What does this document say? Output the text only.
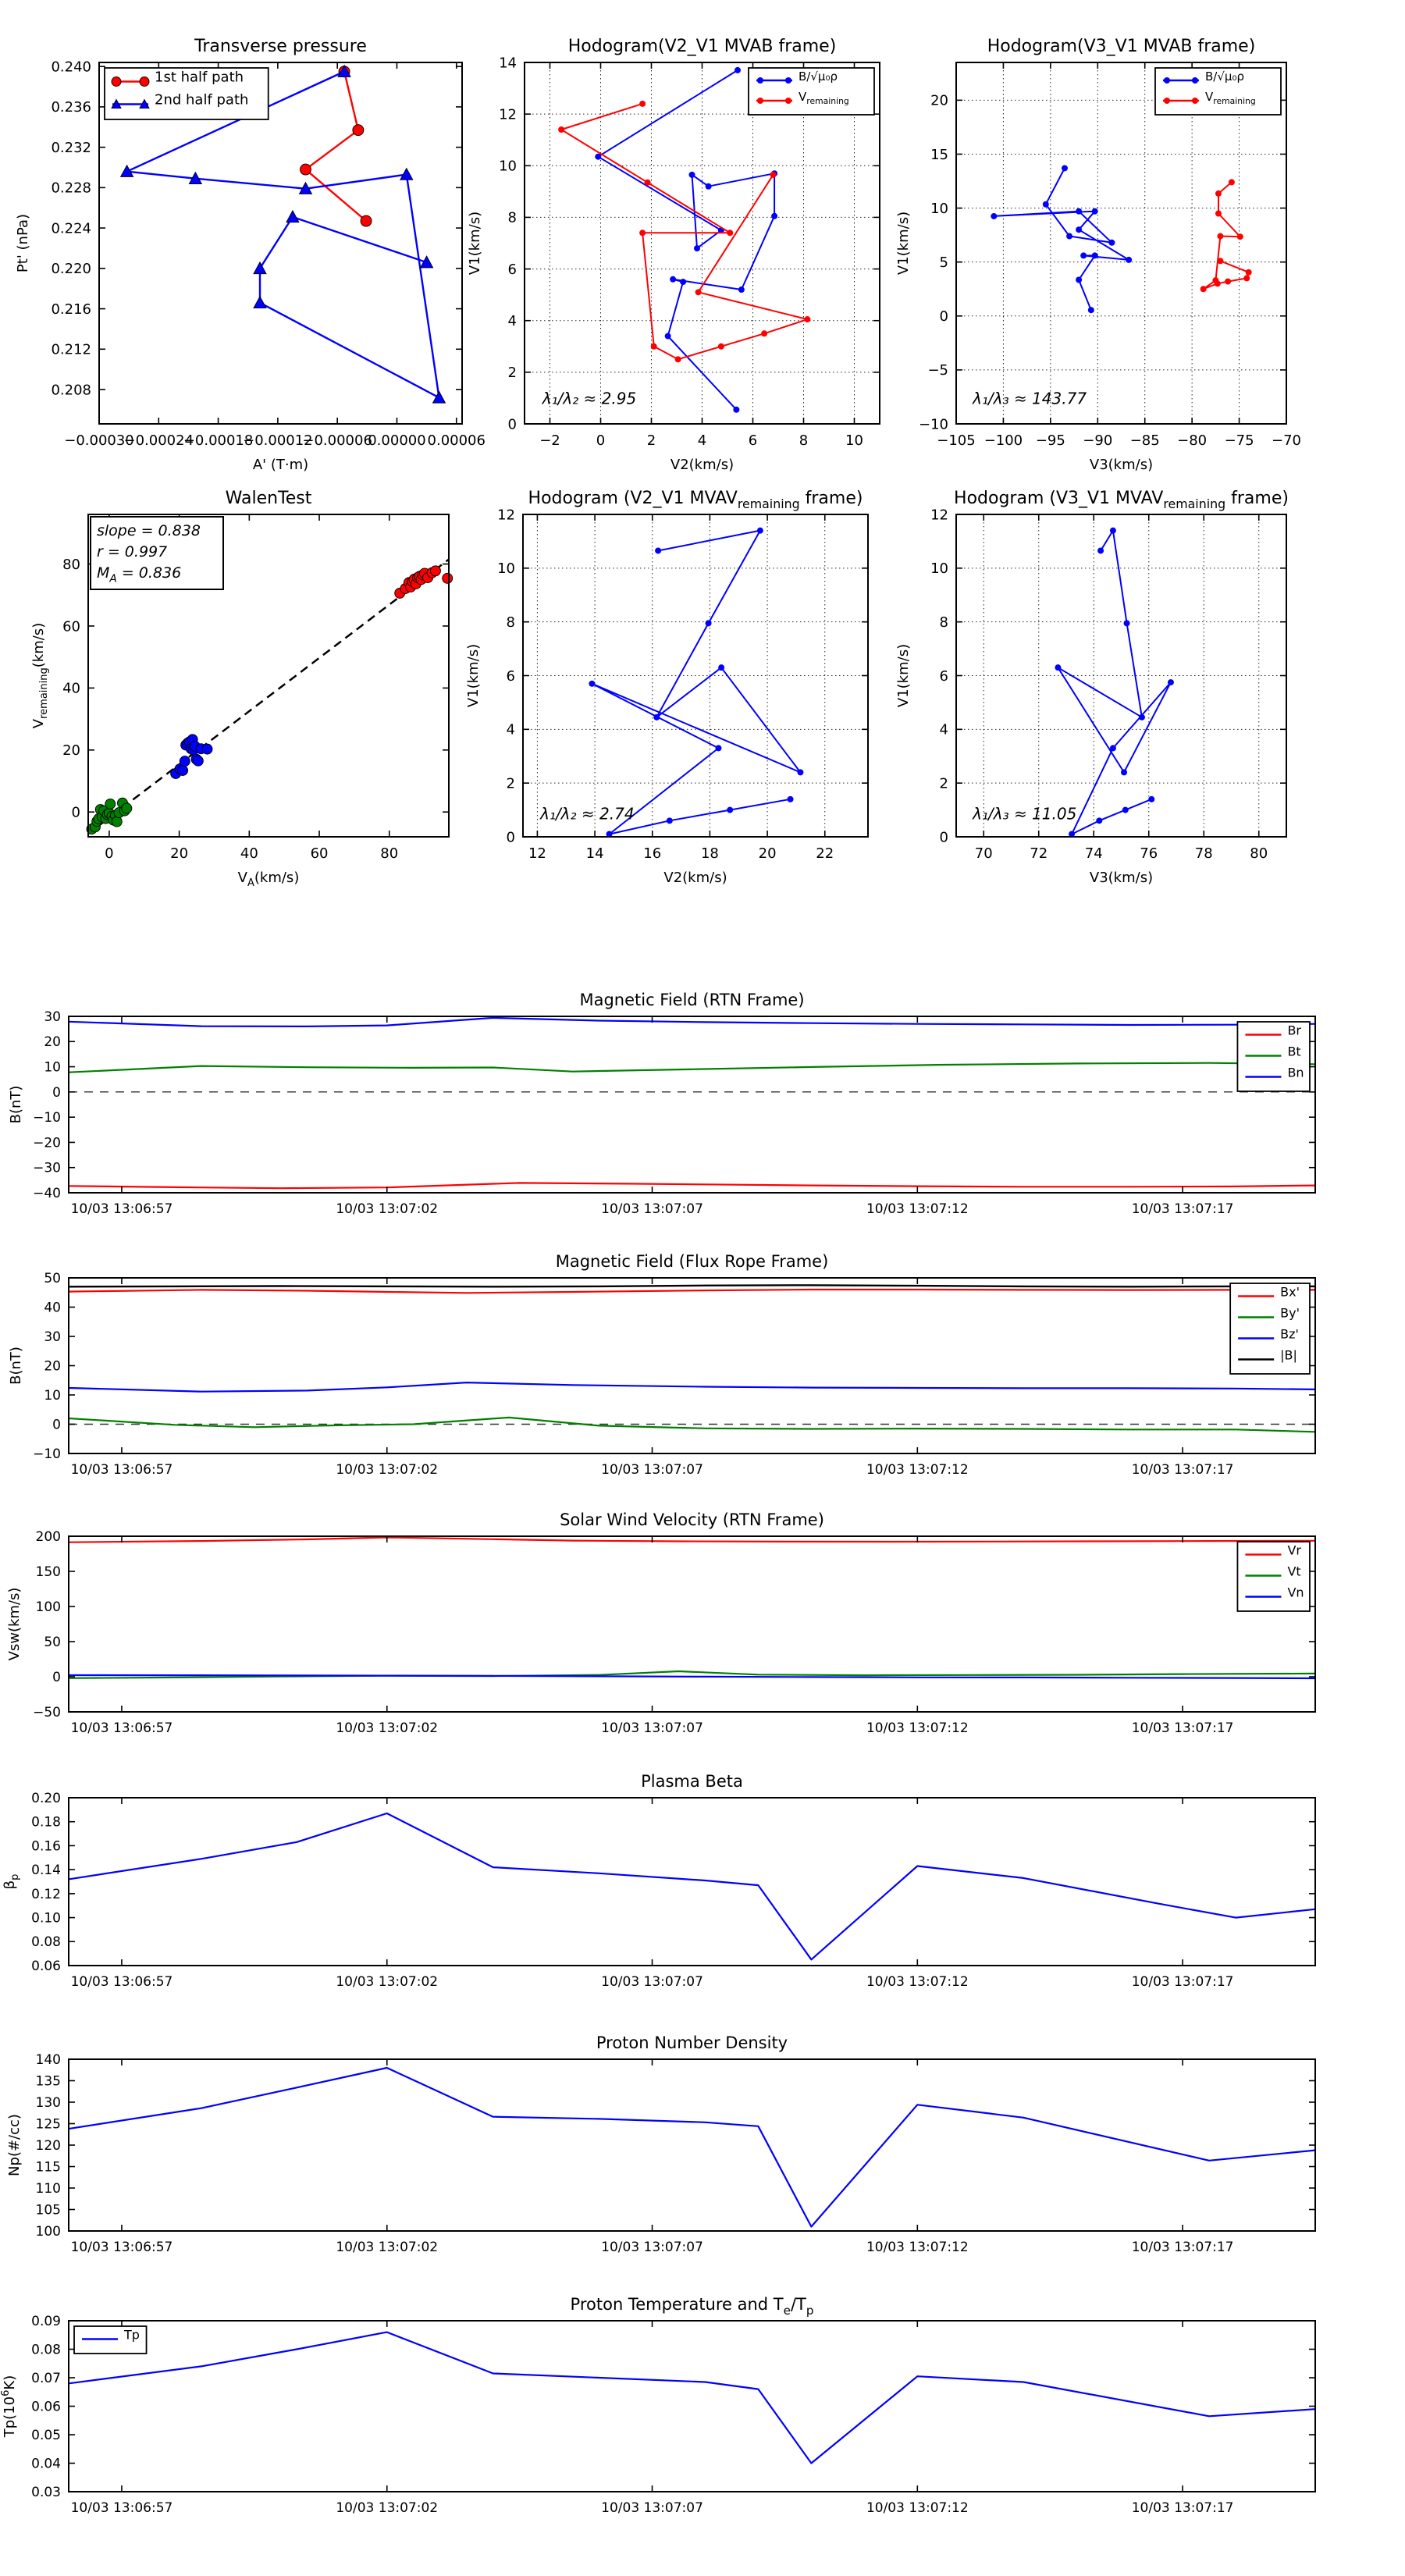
−0.00030
−0.00024
−0.00018
−0.00012
−0.00006
0.00000 0.00006
0.208
0.212
0.216
0.220
0.224
0.228
0.232
0.236
0.240
Transverse pressure
A' (T·m)
Pt' (nPa)
1st half path
2nd half path
−2	0	2	4	6	8	10
0
2
4
6
8
10
12
14
Hodogram(V2_V1 MVAB frame)
V2(km/s)
V1(km/s)
B/√μ₀ρ
$V_{remaining}$
λ₁/λ₂ ≈ 2.95
−105 −100 −95 −90 −85 −80 −75 −70
−10
−5
0
5
10
15
20
Hodogram(V3_V1 MVAB frame)
V3(km/s)
V1(km/s)
B/√μ₀ρ
$V_{remaining}$
λ₁/λ₃ ≈ 143.77
0	20	40	60	80
0
20
40
60
80
WalenTest
$V_A(km/s)$
$V_{remaining}(km/s)$
slope = 0.838
r = 0.997
$M_A = 0.836$
12	14	16	18	20	22
0
2
4
6
8
10
12
Hodogram (V2_V1 $MVAV_{remaining}$ frame)
V2(km/s)
V1(km/s)
λ₁/λ₂ ≈ 2.74
70	72	74	76	78	80
0
2
4
6
8
10
12
Hodogram (V3_V1 $MVAV_{remaining}$ frame)
V3(km/s)
V1(km/s)
λ₁/λ₃ ≈ 11.05
10/03 13:06:57	10/03 13:07:02	10/03 13:07:07	10/03 13:07:12	10/03 13:07:17
−40
−30
−20
−10
0
10
20
30
Magnetic Field (RTN Frame)
B(nT)
Br
Bt
Bn
10/03 13:06:57	10/03 13:07:02	10/03 13:07:07	10/03 13:07:12	10/03 13:07:17
−10
0
10
20
30
40
50
Magnetic Field (Flux Rope Frame)
B(nT)
Bx'
By'
Bz'
|B|
10/03 13:06:57	10/03 13:07:02	10/03 13:07:07	10/03 13:07:12	10/03 13:07:17
−50
0
50
100
150
200
Solar Wind Velocity (RTN Frame)
Vsw(km/s)
Vr
Vt
Vn
10/03 13:06:57	10/03 13:07:02	10/03 13:07:07	10/03 13:07:12	10/03 13:07:17
0.06
0.08
0.10
0.12
0.14
0.16
0.18
0.20
Plasma Beta
$\beta_p$
10/03 13:06:57	10/03 13:07:02	10/03 13:07:07	10/03 13:07:12	10/03 13:07:17
100
105
110
115
120
125
130
135
140
Proton Number Density
Np(#/cc)
10/03 13:06:57	10/03 13:07:02	10/03 13:07:07	10/03 13:07:12	10/03 13:07:17
0.03
0.04
0.05
0.06
0.07
0.08
0.09
Proton Temperature and $T_e/T_p$
$Tp(10^6K)$
Tp
